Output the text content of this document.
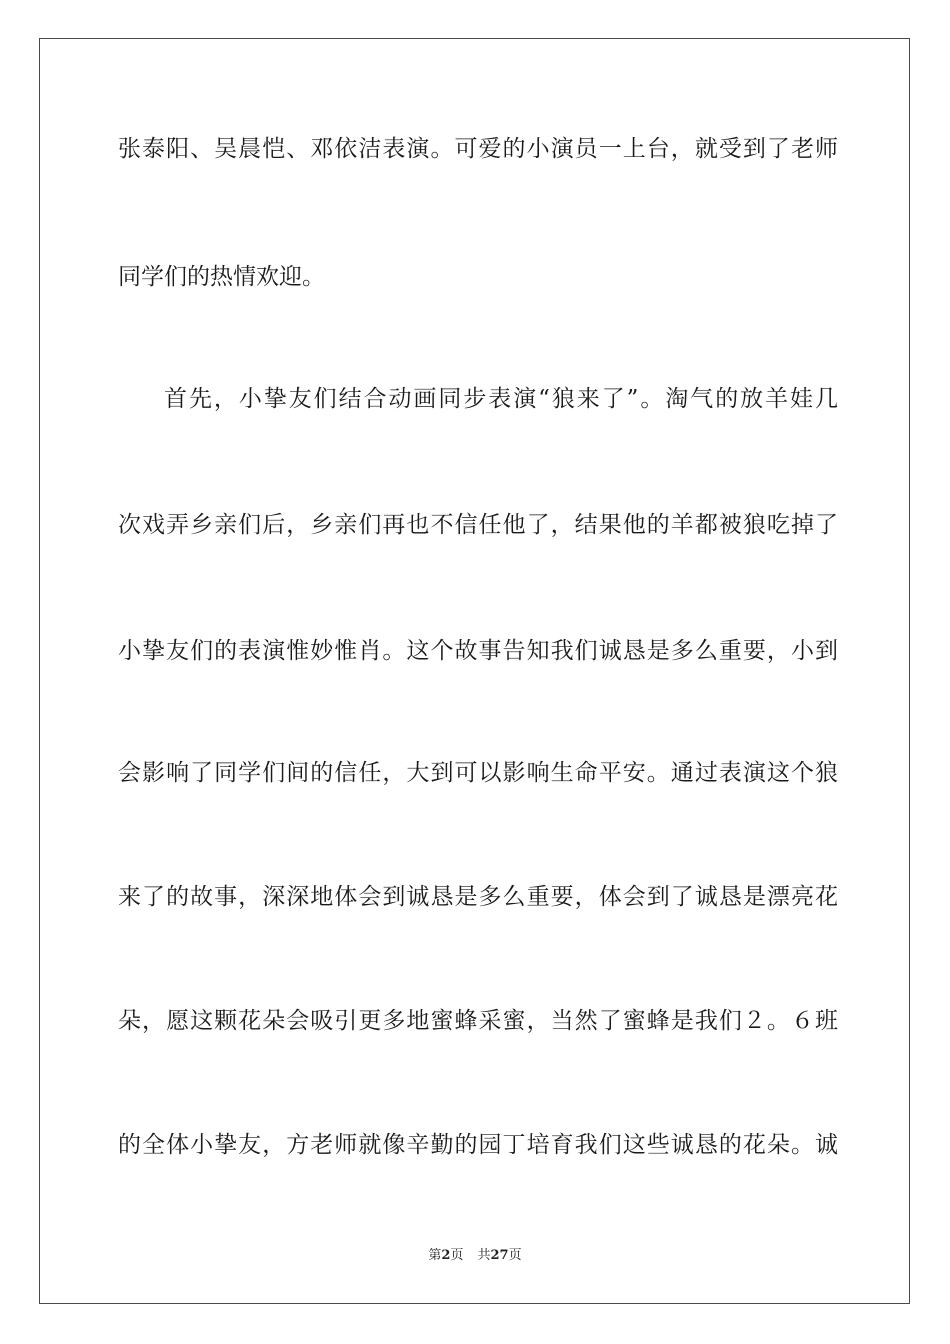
张泰阳、吴晨恺、邓依洁表演。可爱的小演员一上台，就受到了老师
同学们的热情欢迎。
首先，小挚友们结合动画同步表演“狼来了”。淘气的放羊娃几
次戏弄乡亲们后，乡亲们再也不信任他了，结果他的羊都被狼吃掉了
小挚友们的表演惟妙惟肖。这个故事告知我们诚恳是多么重要，小到
会影响了同学们间的信任，大到可以影响生命平安。通过表演这个狼
来了的故事，深深地体会到诚恳是多么重要，体会到了诚恳是漂亮花
朵，愿这颗花朵会吸引更多地蜜蜂采蜜，当然了蜜蜂是我们２。６班
的全体小挚友，方老师就像辛勤的园丁培育我们这些诚恳的花朵。诚
第2页 共27页
